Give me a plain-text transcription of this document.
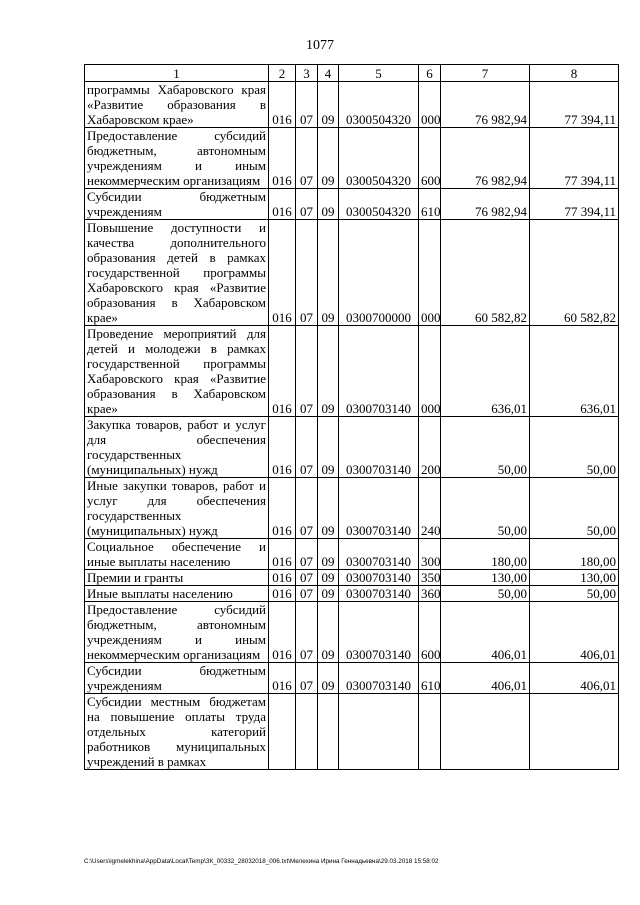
1077
1	2	3	4	5	6	7	8
программы Хабаровского края «Развитие образования в Хабаровском крае»	016	07	09	0300504320	000	76 982,94	77 394,11
Предоставление субсидий бюджетным, автономным учреждениям и иным некоммерческим организациям	016	07	09	0300504320	600	76 982,94	77 394,11
Субсидии бюджетным учреждениям	016	07	09	0300504320	610	76 982,94	77 394,11
Повышение доступности и качества дополнительного образования детей в рамках государственной программы Хабаровского края «Развитие образования в Хабаровском крае»	016	07	09	0300700000	000	60 582,82	60 582,82
Проведение мероприятий для детей и молодежи в рамках государственной программы Хабаровского края «Развитие образования в Хабаровском крае»	016	07	09	0300703140	000	636,01	636,01
Закупка товаров, работ и услуг для обеспечения государственных (муниципальных) нужд	016	07	09	0300703140	200	50,00	50,00
Иные закупки товаров, работ и услуг для обеспечения государственных (муниципальных) нужд	016	07	09	0300703140	240	50,00	50,00
Социальное обеспечение и иные выплаты населению	016	07	09	0300703140	300	180,00	180,00
Премии и гранты	016	07	09	0300703140	350	130,00	130,00
Иные выплаты населению	016	07	09	0300703140	360	50,00	50,00
Предоставление субсидий бюджетным, автономным учреждениям и иным некоммерческим организациям	016	07	09	0300703140	600	406,01	406,01
Субсидии бюджетным учреждениям	016	07	09	0300703140	610	406,01	406,01
Субсидии местным бюджетам на повышение оплаты труда отдельных категорий работников муниципальных учреждений в рамках							
C:\Users\igmelekhina\AppData\Local\Temp\ЗК_00332_28032018_006.txt\Мелехина Ирина Геннадьевна\29.03.2018 15:58:02
